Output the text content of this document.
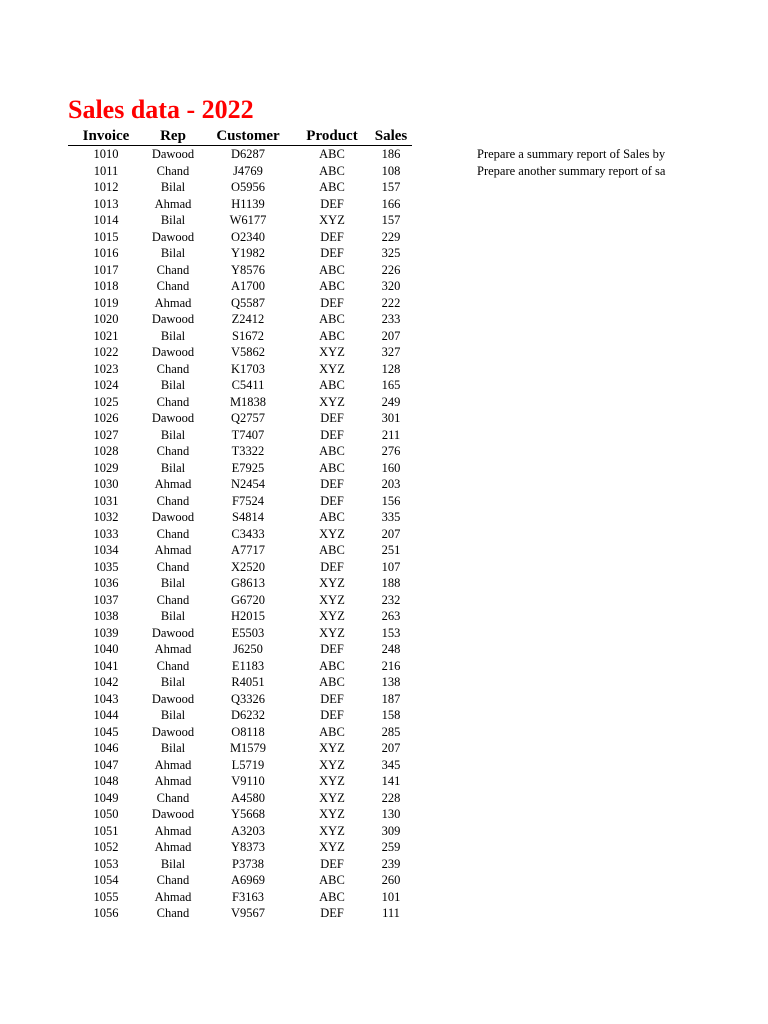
Sales data - 2022
Invoice	Rep	Customer	Product	Sales
1010	Dawood	D6287	ABC	186
1011	Chand	J4769	ABC	108
1012	Bilal	O5956	ABC	157
1013	Ahmad	H1139	DEF	166
1014	Bilal	W6177	XYZ	157
1015	Dawood	O2340	DEF	229
1016	Bilal	Y1982	DEF	325
1017	Chand	Y8576	ABC	226
1018	Chand	A1700	ABC	320
1019	Ahmad	Q5587	DEF	222
1020	Dawood	Z2412	ABC	233
1021	Bilal	S1672	ABC	207
1022	Dawood	V5862	XYZ	327
1023	Chand	K1703	XYZ	128
1024	Bilal	C5411	ABC	165
1025	Chand	M1838	XYZ	249
1026	Dawood	Q2757	DEF	301
1027	Bilal	T7407	DEF	211
1028	Chand	T3322	ABC	276
1029	Bilal	E7925	ABC	160
1030	Ahmad	N2454	DEF	203
1031	Chand	F7524	DEF	156
1032	Dawood	S4814	ABC	335
1033	Chand	C3433	XYZ	207
1034	Ahmad	A7717	ABC	251
1035	Chand	X2520	DEF	107
1036	Bilal	G8613	XYZ	188
1037	Chand	G6720	XYZ	232
1038	Bilal	H2015	XYZ	263
1039	Dawood	E5503	XYZ	153
1040	Ahmad	J6250	DEF	248
1041	Chand	E1183	ABC	216
1042	Bilal	R4051	ABC	138
1043	Dawood	Q3326	DEF	187
1044	Bilal	D6232	DEF	158
1045	Dawood	O8118	ABC	285
1046	Bilal	M1579	XYZ	207
1047	Ahmad	L5719	XYZ	345
1048	Ahmad	V9110	XYZ	141
1049	Chand	A4580	XYZ	228
1050	Dawood	Y5668	XYZ	130
1051	Ahmad	A3203	XYZ	309
1052	Ahmad	Y8373	XYZ	259
1053	Bilal	P3738	DEF	239
1054	Chand	A6969	ABC	260
1055	Ahmad	F3163	ABC	101
1056	Chand	V9567	DEF	111
Prepare a summary report of Sales by
Prepare another summary report of sa
